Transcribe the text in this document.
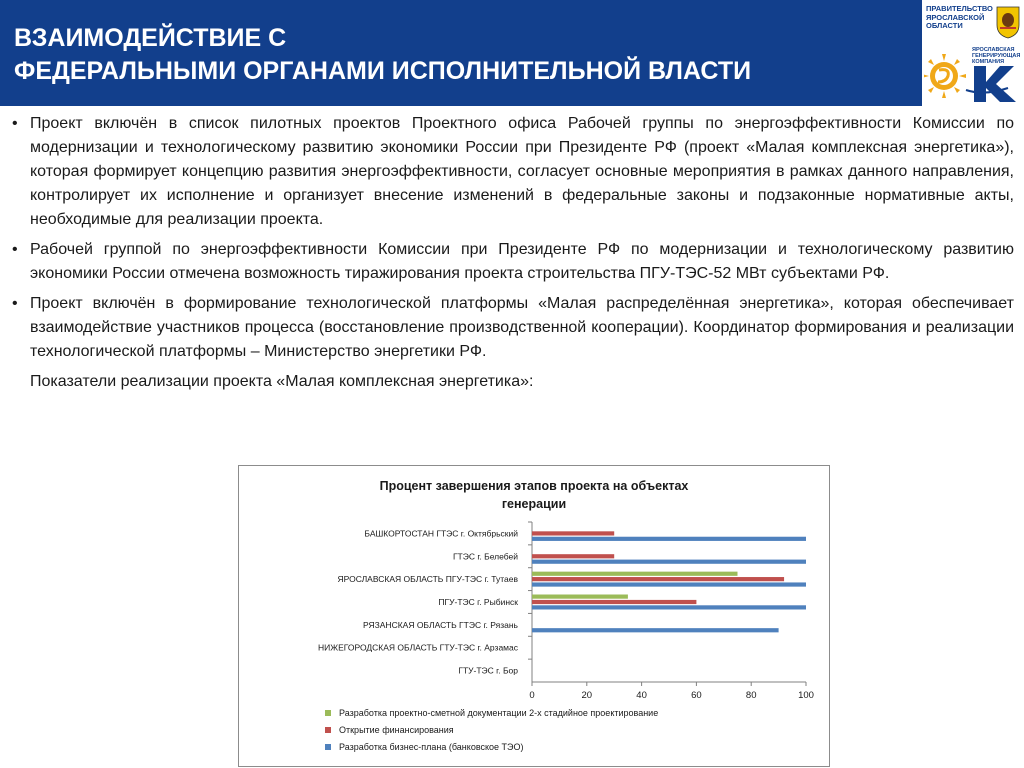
ВЗАИМОДЕЙСТВИЕ С
ФЕДЕРАЛЬНЫМИ ОРГАНАМИ ИСПОЛНИТЕЛЬНОЙ ВЛАСТИ
ПРАВИТЕЛЬСТВО ЯРОСЛАВСКОЙ ОБЛАСТИ
ЯРОСЛАВСКАЯ ГЕНЕРИРУЮЩАЯ КОМПАНИЯ
• Проект включён в список пилотных проектов Проектного офиса Рабочей группы по энергоэффективности Комиссии по модернизации и технологическому развитию экономики России при Президенте РФ (проект «Малая комплексная энергетика»), которая формирует концепцию развития энергоэффективности, согласует основные мероприятия в рамках данного направления, контролирует их исполнение и организует внесение изменений в федеральные законы и подзаконные нормативные акты, необходимые для реализации проекта.
• Рабочей группой по энергоэффективности Комиссии при Президенте РФ по модернизации и технологическому развитию экономики России отмечена возможность тиражирования проекта строительства ПГУ-ТЭС-52 МВт субъектами РФ.
• Проект включён в формирование технологической платформы «Малая распределённая энергетика», которая обеспечивает взаимодействие участников процесса (восстановление производственной кооперации). Координатор формирования и реализации технологической платформы – Министерство энергетики РФ.
Показатели реализации проекта «Малая комплексная энергетика»:
Процент завершения этапов проекта на объектах
генерации
БАШКОРТОСТАН ГТЭС г. Октябрьский
ГТЭС г. Белебей
ЯРОСЛАВСКАЯ ОБЛАСТЬ ПГУ-ТЭС г. Тутаев
ПГУ-ТЭС г. Рыбинск
РЯЗАНСКАЯ ОБЛАСТЬ ГТЭС г. Рязань
НИЖЕГОРОДСКАЯ ОБЛАСТЬ ГТУ-ТЭС г. Арзамас
ГТУ-ТЭС г. Бор
0	20	40	60	80	100
Разработка проектно-сметной документации 2-х стадийное проектирование
Открытие финансирования
Разработка бизнес-плана (банковское ТЭО)
